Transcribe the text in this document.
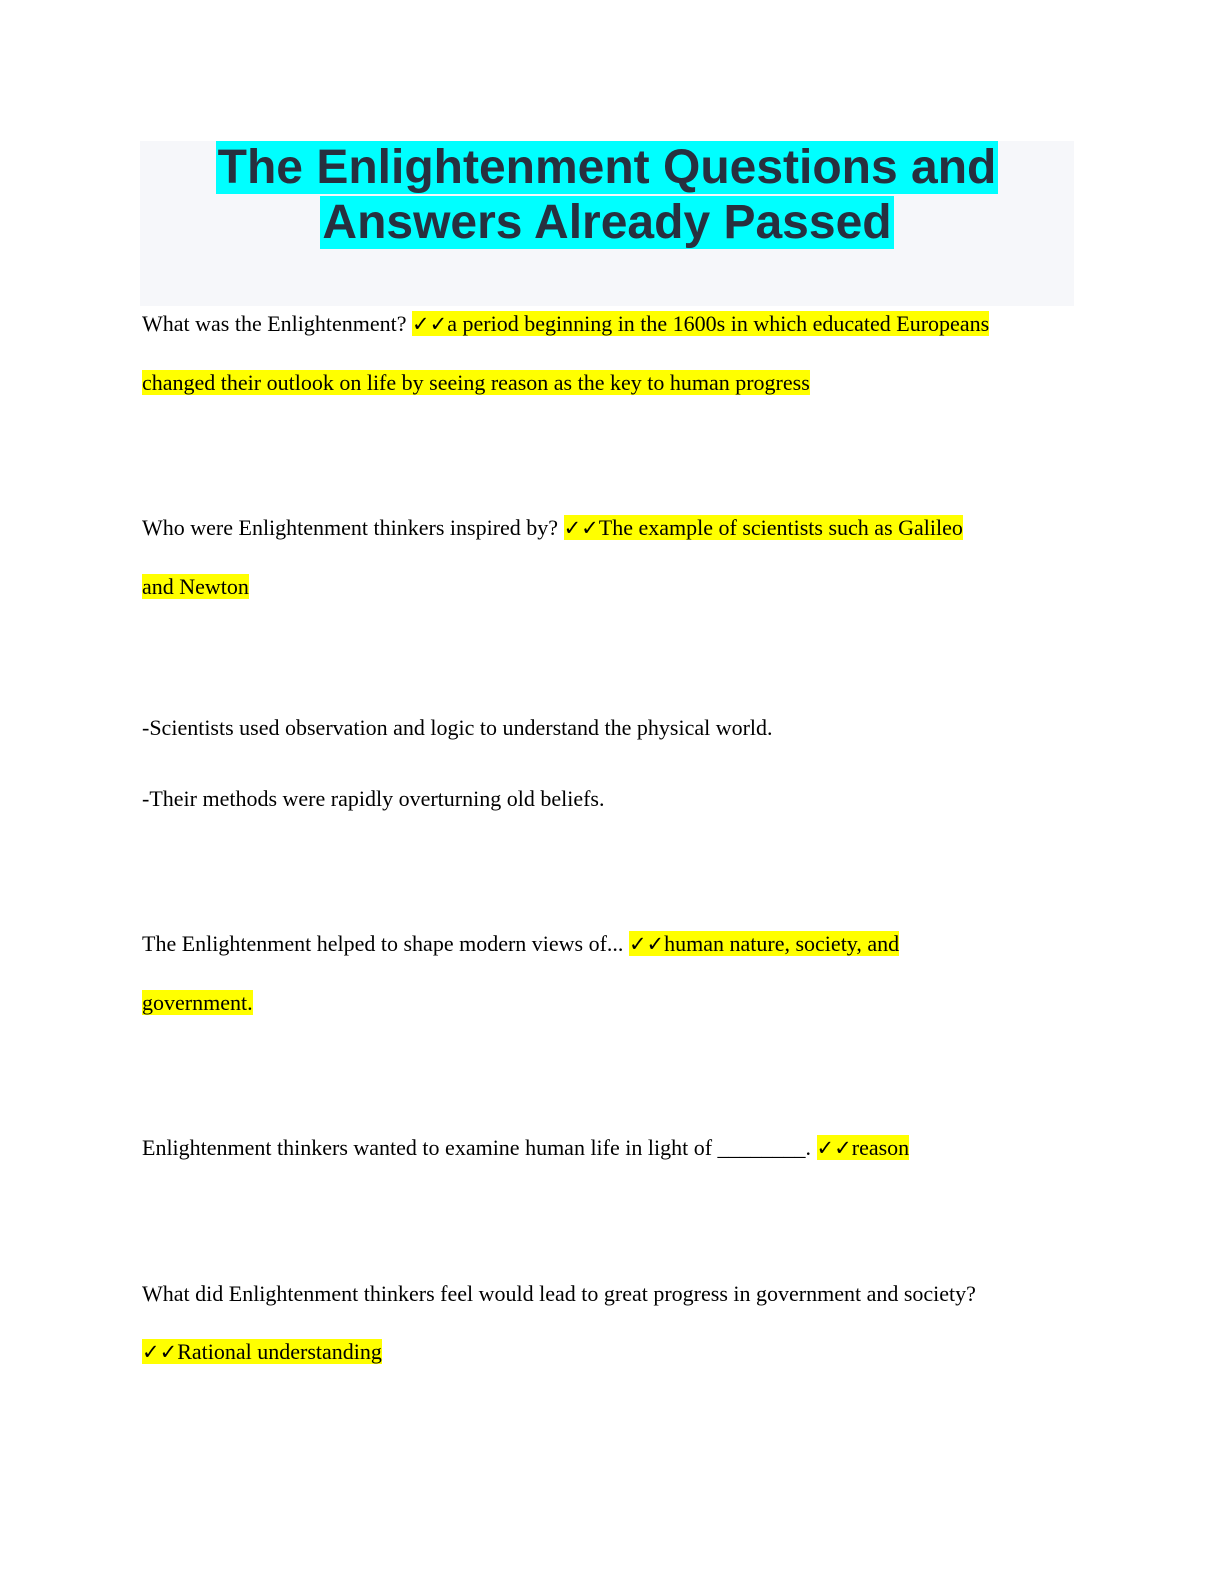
The Enlightenment Questions and
Answers Already Passed
What was the Enlightenment? ✓✓a period beginning in the 1600s in which educated Europeans
changed their outlook on life by seeing reason as the key to human progress
Who were Enlightenment thinkers inspired by? ✓✓The example of scientists such as Galileo
and Newton
-Scientists used observation and logic to understand the physical world.
-Their methods were rapidly overturning old beliefs.
The Enlightenment helped to shape modern views of... ✓✓human nature, society, and
government.
Enlightenment thinkers wanted to examine human life in light of ________. ✓✓reason
What did Enlightenment thinkers feel would lead to great progress in government and society?
✓✓Rational understanding
